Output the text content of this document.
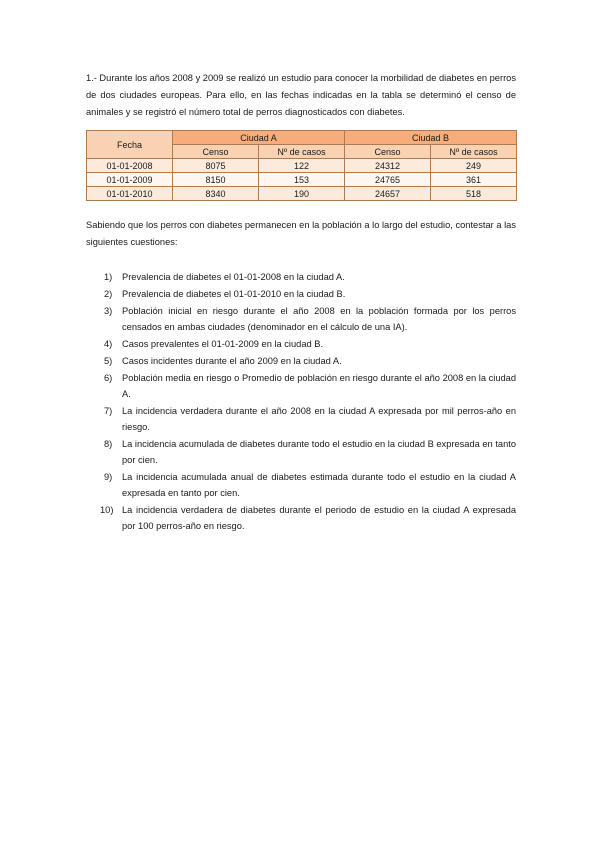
1.- Durante los años 2008 y 2009 se realizó un estudio para conocer la morbilidad de diabetes en perros de dos ciudades europeas. Para ello, en las fechas indicadas en la tabla se determinó el censo de animales y se registró el número total de perros diagnosticados con diabetes.

Fecha	Ciudad A		Ciudad B	
	Censo	Nº de casos	Censo	Nº de casos
01-01-2008	8075	122	24312	249
01-01-2009	8150	153	24765	361
01-01-2010	8340	190	24657	518

Sabiendo que los perros con diabetes permanecen en la población a lo largo del estudio, contestar a las siguientes cuestiones:

1) Prevalencia de diabetes el 01-01-2008 en la ciudad A.
2) Prevalencia de diabetes el 01-01-2010 en la ciudad B.
3) Población inicial en riesgo durante el año 2008 en la población formada por los perros censados en ambas ciudades (denominador en el cálculo de una IA).
4) Casos prevalentes el 01-01-2009 en la ciudad B.
5) Casos incidentes durante el año 2009 en la ciudad A.
6) Población media en riesgo o Promedio de población en riesgo durante el año 2008 en la ciudad A.
7) La incidencia verdadera durante el año 2008 en la ciudad A expresada por mil perros-año en riesgo.
8) La incidencia acumulada de diabetes durante todo el estudio en la ciudad B expresada en tanto por cien.
9) La incidencia acumulada anual de diabetes estimada durante todo el estudio en la ciudad A expresada en tanto por cien.
10) La incidencia verdadera de diabetes durante el periodo de estudio en la ciudad A expresada por 100 perros-año en riesgo.
